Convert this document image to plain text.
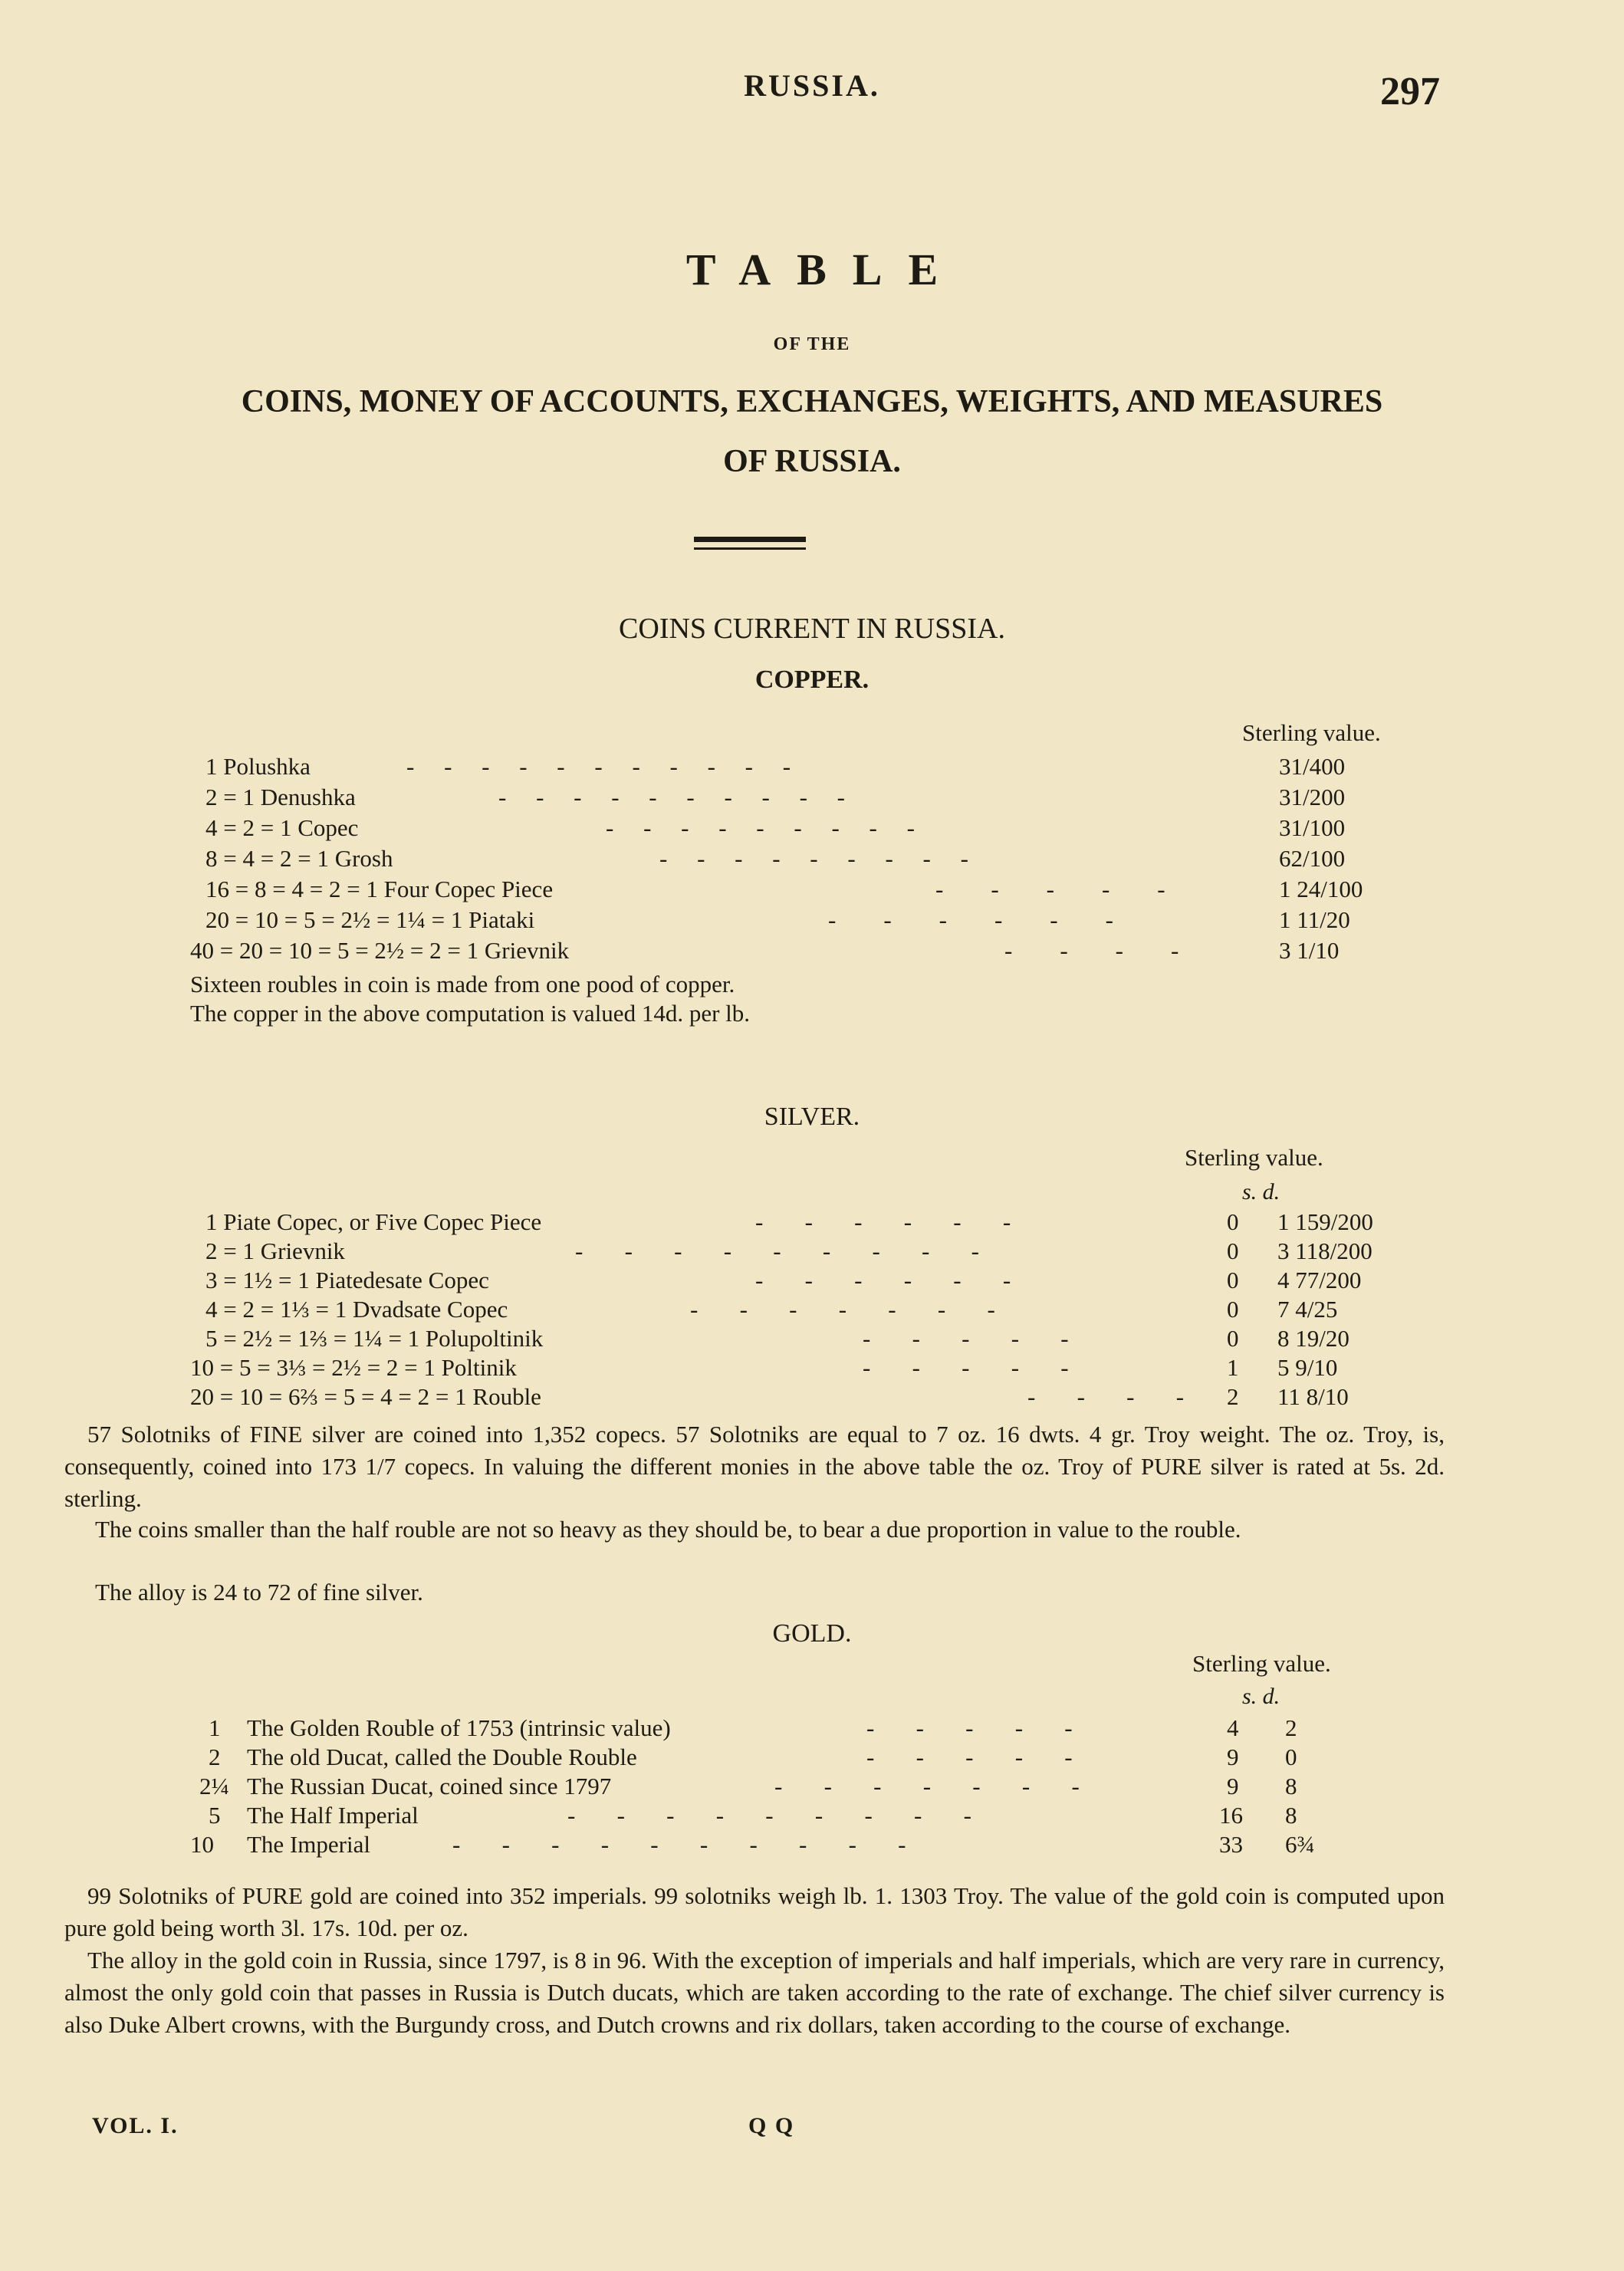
RUSSIA.	297
TABLE
OF THE
COINS, MONEY OF ACCOUNTS, EXCHANGES, WEIGHTS, AND MEASURES
OF RUSSIA.
COINS CURRENT IN RUSSIA.
COPPER.
Sterling value.
1 Polushka	-     -     -     -     -     -     -     -     -     -     -	31/400
2 = 1 Denushka	-     -     -     -     -     -     -     -     -     -	31/200
4 = 2 = 1 Copec	-     -     -     -     -     -     -     -     -	31/100
8 = 4 = 2 = 1 Grosh	-     -     -     -     -     -     -     -     -	62/100
16 = 8 = 4 = 2 = 1 Four Copec Piece	-        -        -        -        -	1 24/100
20 = 10 = 5 = 2½ = 1¼ = 1 Piataki	-        -        -        -        -        -	1 11/20
40 = 20 = 10 = 5 = 2½ = 2 = 1 Grievnik	-        -        -        -	3 1/10
Sixteen roubles in coin is made from one pood of copper.
The copper in the above computation is valued 14d. per lb.
SILVER.
Sterling value.
s. d.
1 Piate Copec, or Five Copec Piece	-       -       -       -       -       -	0 1 159/200
2 = 1 Grievnik	-       -       -       -       -       -       -       -       -	0 3 118/200
3 = 1½ = 1 Piatedesate Copec	-       -       -       -       -       -	0 4 77/200
4 = 2 = 1⅓ = 1 Dvadsate Copec	-       -       -       -       -       -       -	0 7 4/25
5 = 2½ = 1⅔ = 1¼ = 1 Polupoltinik	-       -       -       -       -	0 8 19/20
10 = 5 = 3⅓ = 2½ = 2 = 1 Poltinik	-       -       -       -       -	1 5 9/10
20 = 10 = 6⅔ = 5 = 4 = 2 = 1 Rouble	-       -       -       - 2 11 8/10
57 Solotniks of FINE silver are coined into 1,352 copecs. 57 Solotniks are equal to 7 oz. 16 dwts. 4 gr. Troy weight. The oz. Troy, is, consequently, coined into 173 1/7 copecs. In valuing the different monies in the above table the oz. Troy of PURE silver is rated at 5s. 2d. sterling.
The coins smaller than the half rouble are not so heavy as they should be, to bear a due proportion in value to the rouble.
The alloy is 24 to 72 of fine silver.
GOLD.
Sterling value.
s. d.
1 The Golden Rouble of 1753 (intrinsic value)	-       -       -       -       -	4 2
2 The old Ducat, called the Double Rouble	-       -       -       -       -	9 0
2¼ The Russian Ducat, coined since 1797	-       -       -       -       -       -       -	9 8
5 The Half Imperial	-       -       -       -       -       -       -       -       -	16 8
10 The Imperial	-       -       -       -       -       -       -       -       -       -	33 6¾
99 Solotniks of PURE gold are coined into 352 imperials. 99 solotniks weigh lb. 1. 1303 Troy. The value of the gold coin is computed upon pure gold being worth 3l. 17s. 10d. per oz.
The alloy in the gold coin in Russia, since 1797, is 8 in 96. With the exception of imperials and half imperials, which are very rare in currency, almost the only gold coin that passes in Russia is Dutch ducats, which are taken according to the rate of exchange. The chief silver currency is also Duke Albert crowns, with the Burgundy cross, and Dutch crowns and rix dollars, taken according to the course of exchange.
VOL. I.	Q Q
